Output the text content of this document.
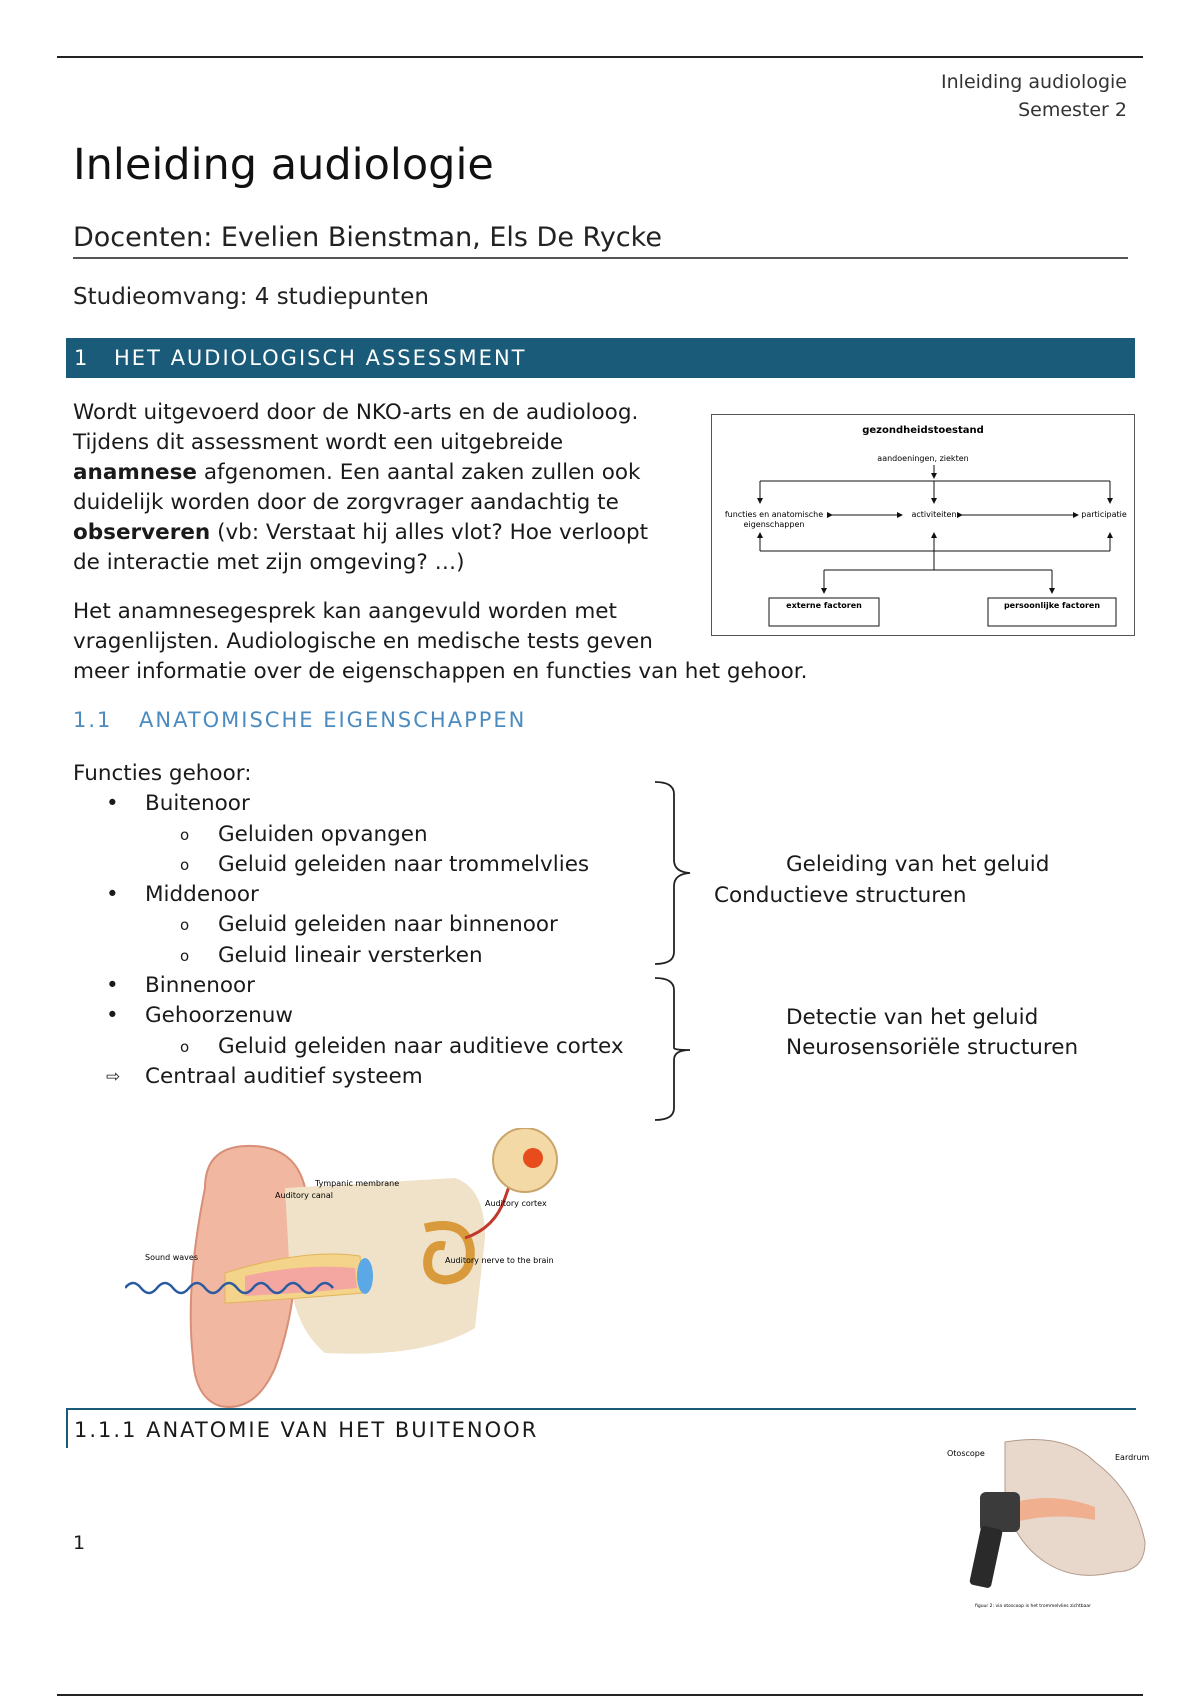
Inleiding audiologie
Semester 2
Inleiding audiologie
Docenten: Evelien Bienstman, Els De Rycke
Studieomvang: 4 studiepunten
1 HET AUDIOLOGISCH ASSESSMENT
Wordt uitgevoerd door de NKO-arts en de audioloog.
Tijdens dit assessment wordt een uitgebreide
anamnese afgenomen. Een aantal zaken zullen ook
duidelijk worden door de zorgvrager aandachtig te
observeren (vb: Verstaat hij alles vlot? Hoe verloopt
de interactie met zijn omgeving? …)
Het anamnesegesprek kan aangevuld worden met
vragenlijsten. Audiologische en medische tests geven
meer informatie over de eigenschappen en functies van het gehoor.
gezondheidstoestand
aandoeningen, ziekten
functies en anatomische
eigenschappen
activiteiten	participatie
externe factoren	persoonlijke factoren
1.1 ANATOMISCHE EIGENSCHAPPEN
Functies gehoor:
• Buitenoor
o Geluiden opvangen
o Geluid geleiden naar trommelvlies
• Middenoor
o Geluid geleiden naar binnenoor
o Geluid lineair versterken
• Binnenoor
• Gehoorzenuw
o Geluid geleiden naar auditieve cortex
⇨ Centraal auditief systeem
Geleiding van het geluid
Conductieve structuren
Detectie van het geluid
Neurosensoriële structuren
Sound waves
Auditory canal
Tympanic membrane
Auditory nerve to the brain
Auditory cortex
1.1.1 ANATOMIE VAN HET BUITENOOR
Otoscope	Eardrum
figuur 2: via otoscoop is het trommelvlies zichtbaar
1
